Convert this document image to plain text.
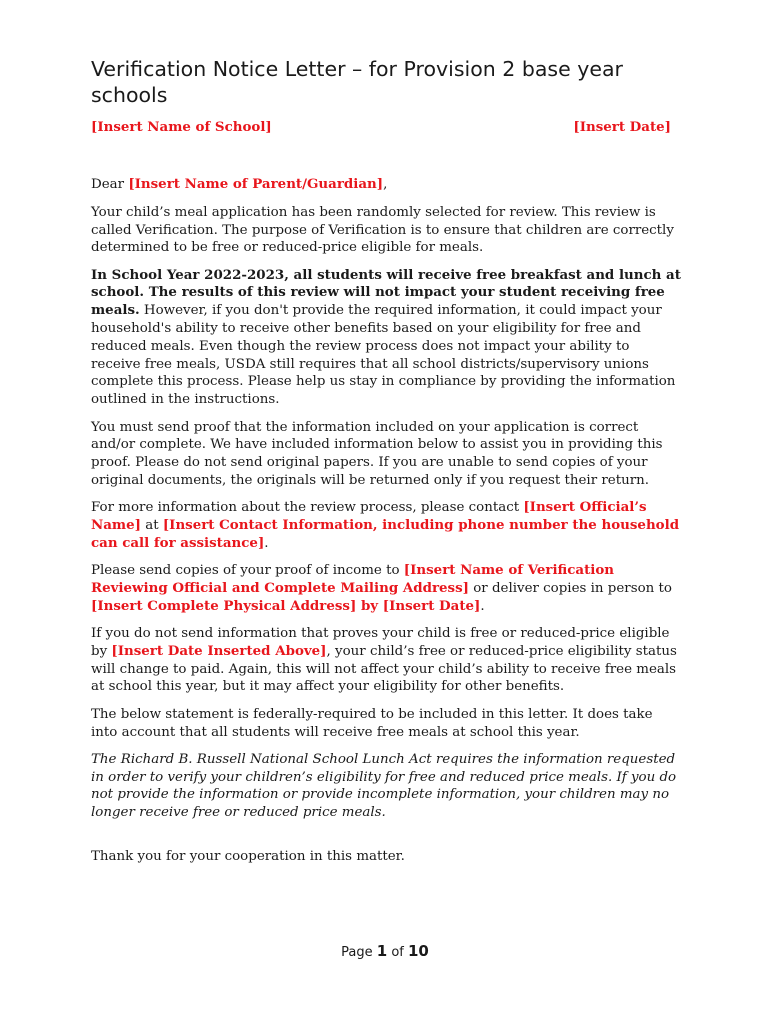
Verification Notice Letter – for Provision 2 base year schools
[Insert Name of School]	[Insert Date]

Dear [Insert Name of Parent/Guardian],

Your child’s meal application has been randomly selected for review. This review is called Verification. The purpose of Verification is to ensure that children are correctly determined to be free or reduced-price eligible for meals.

In School Year 2022-2023, all students will receive free breakfast and lunch at school. The results of this review will not impact your student receiving free meals. However, if you don't provide the required information, it could impact your household's ability to receive other benefits based on your eligibility for free and reduced meals. Even though the review process does not impact your ability to receive free meals, USDA still requires that all school districts/supervisory unions complete this process. Please help us stay in compliance by providing the information outlined in the instructions.

You must send proof that the information included on your application is correct and/or complete. We have included information below to assist you in providing this proof. Please do not send original papers. If you are unable to send copies of your original documents, the originals will be returned only if you request their return.

For more information about the review process, please contact [Insert Official’s Name] at [Insert Contact Information, including phone number the household can call for assistance].

Please send copies of your proof of income to [Insert Name of Verification Reviewing Official and Complete Mailing Address] or deliver copies in person to [Insert Complete Physical Address] by [Insert Date].

If you do not send information that proves your child is free or reduced-price eligible by [Insert Date Inserted Above], your child’s free or reduced-price eligibility status will change to paid. Again, this will not affect your child’s ability to receive free meals at school this year, but it may affect your eligibility for other benefits.

The below statement is federally-required to be included in this letter. It does take into account that all students will receive free meals at school this year.

The Richard B. Russell National School Lunch Act requires the information requested in order to verify your children’s eligibility for free and reduced price meals. If you do not provide the information or provide incomplete information, your children may no longer receive free or reduced price meals.

Thank you for your cooperation in this matter.

Page 1 of 10
